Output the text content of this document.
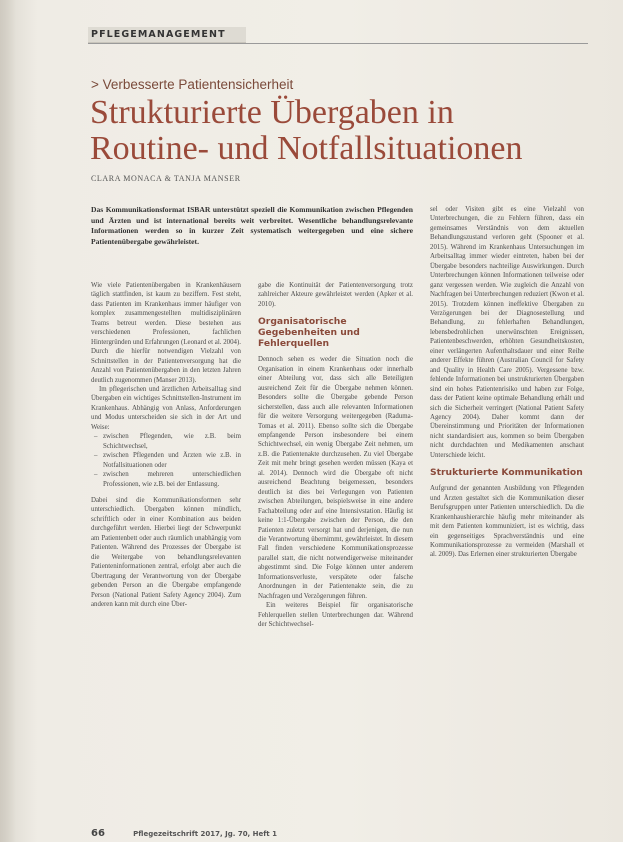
PFLEGEMANAGEMENT
> Verbesserte Patientensicherheit
Strukturierte Übergaben in
Routine- und Notfallsituationen
CLARA MONACA & TANJA MANSER
Das Kommunikationsformat ISBAR unterstützt speziell die Kommunikation zwischen Pflegenden und Ärzten und ist international bereits weit verbreitet. Wesentliche behandlungsrelevante Informationen werden so in kurzer Zeit systematisch weitergegeben und eine sichere Patientenübergabe gewährleistet.

Wie viele Patientenübergaben in Krankenhäusern täglich stattfinden, ist kaum zu beziffern. Fest steht, dass Patienten im Krankenhaus immer häufiger von komplex zusammengestellten multidisziplinären Teams betreut werden. Diese bestehen aus verschiedenen Professionen, fachlichen Hintergründen und Erfahrungen (Leonard et al. 2004). Durch die hierfür notwendigen Vielzahl von Schnittstellen in der Patientenversorgung hat die Anzahl von Patientenübergaben in den letzten Jahren deutlich zugenommen (Manser 2013).

Im pflegerischen und ärztlichen Arbeitsalltag sind Übergaben ein wichtiges Schnittstellen-Instrument im Krankenhaus. Abhängig von Anlass, Anforderungen und Modus unterscheiden sie sich in der Art und Weise:

– zwischen Pflegenden, wie z.B. beim Schichtwechsel,
– zwischen Pflegenden und Ärzten wie z.B. in Notfallsituationen oder
– zwischen mehreren unterschiedlichen Professionen, wie z.B. bei der Entlassung.

Dabei sind die Kommunikationsformen sehr unterschiedlich. Übergaben können mündlich, schriftlich oder in einer Kombination aus beiden durchgeführt werden. Hierbei liegt der Schwerpunkt am Patientenbett oder auch räumlich unabhängig vom Patienten. Während des Prozesses der Übergabe ist die Weitergabe von behandlungsrelevanten Patienteninformationen zentral, erfolgt aber auch die Übertragung der Verantwortung von der Übergabe gebenden Person an die Übergabe empfangende Person (National Patient Safety Agency 2004). Zum anderen kann mit durch eine Über-

gabe die Kontinuität der Patientenversorgung trotz zahlreicher Akteure gewährleistet werden (Apker et al. 2010).

Organisatorische Gegebenheiten und Fehlerquellen

Dennoch sehen es weder die Situation noch die Organisation in einem Krankenhaus oder innerhalb einer Abteilung vor, dass sich alle Beteiligten ausreichend Zeit für die Übergabe nehmen können. Besonders sollte die Übergabe gebende Person sicherstellen, dass auch alle relevanten Informationen für die weitere Versorgung weitergegeben (Raduma-Tomas et al. 2011). Ebenso sollte sich die Übergabe empfangende Person insbesondere bei einem Schichtwechsel, ein wenig Übergabe Zeit nehmen, um z.B. die Patientenakte durchzusehen. Zu viel Übergabe Zeit mit mehr bringt gesehen werden müssen (Kaya et al. 2014). Dennoch wird die Übergabe oft nicht ausreichend Beachtung beigemessen, besonders deutlich ist dies bei Verlegungen von Patienten zwischen Abteilungen, beispielsweise in eine andere Fachabteilung oder auf eine Intensivstation. Häufig ist keine 1:1-Übergabe zwischen der Person, die den Patienten zuletzt versorgt hat und derjenigen, die nun die Verantwortung übernimmt, gewährleistet. In diesem Fall finden verschiedene Kommunikationsprozesse parallel statt, die nicht notwendigerweise miteinander abgestimmt sind. Die Folge können unter anderem Informationsverluste, verspätete oder falsche Anordnungen in der Patientenakte sein, die zu Nachfragen und Verzögerungen führen.

Ein weiteres Beispiel für organisatorische Fehlerquellen stellen Unterbrechungen dar. Während der Schichtwechsel-

sel oder Visiten gibt es eine Vielzahl von Unterbrechungen, die zu Fehlern führen, dass ein gemeinsames Verständnis von dem aktuellen Behandlungszustand verloren geht (Spooner et al. 2015). Während im Krankenhaus Untersuchungen im Arbeitsalltag immer wieder eintreten, haben bei der Übergabe besonders nachteilige Auswirkungen. Durch Unterbrechungen können Informationen teilweise oder ganz vergessen werden. Wie zugleich die Anzahl von Nachfragen bei Unterbrechungen reduziert (Kwon et al. 2015). Trotzdem können ineffektive Übergaben zu Verzögerungen bei der Diagnosestellung und Behandlung, zu fehlerhaften Behandlungen, lebensbedrohlichen unerwünschten Ereignissen, Patientenbeschwerden, erhöhten Gesundheitskosten, einer verlängerten Aufenthaltsdauer und einer Reihe anderer Effekte führen (Australian Council for Safety and Quality in Health Care 2005). Vergessene bzw. fehlende Informationen bei unstrukturierten Übergaben sind ein hohes Patientenrisiko und haben zur Folge, dass der Patient keine optimale Behandlung erhält und sich die Sicherheit verringert (National Patient Safety Agency 2004). Daher kommt dann der Übereinstimmung und Prioritäten der Informationen nicht standardisiert aus, kommen so beim Übergaben nicht durchdachten und Medikamenten anschaut Unterschiede leicht.

Strukturierte Kommunikation

Aufgrund der genannten Ausbildung von Pflegenden und Ärzten gestaltet sich die Kommunikation dieser Berufsgruppen unter Patienten unterschiedlich. Da die Krankenhaushierarchie häufig mehr miteinander als mit dem Patienten kommuniziert, ist es wichtig, dass ein gegenseitiges Sprachverständnis und eine Kommunikationsprozesse zu vermeiden (Marshall et al. 2009). Das Erlernen einer strukturierten Übergabe

66	Pflegezeitschrift 2017, Jg. 70, Heft 1
